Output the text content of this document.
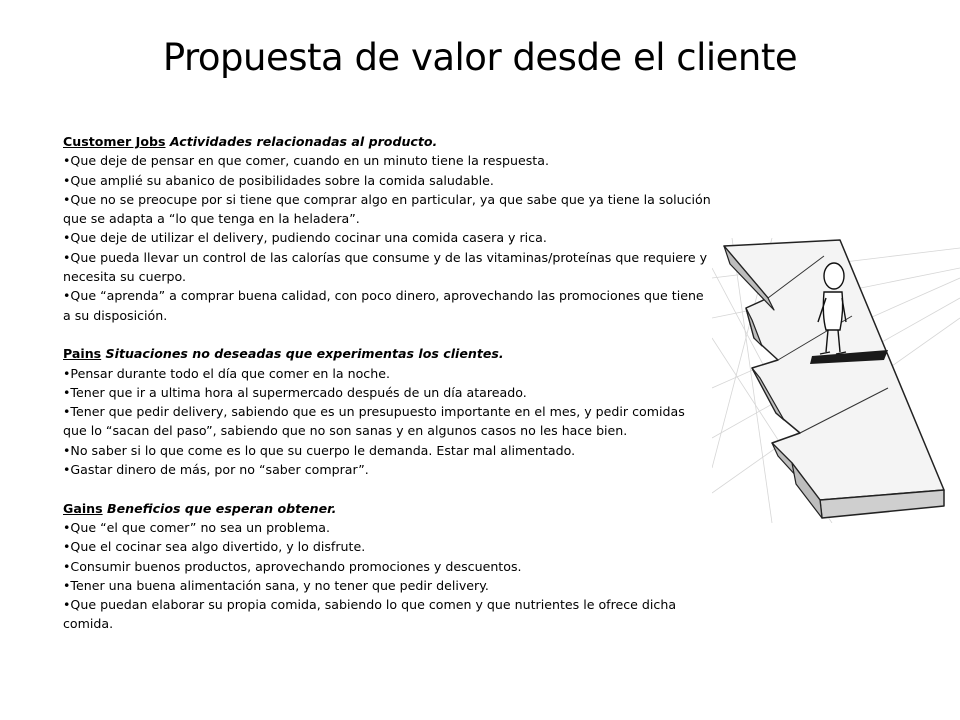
Propuesta de valor desde el cliente

Customer Jobs Actividades relacionadas al producto.

•Que deje de pensar en que comer, cuando en un minuto tiene la respuesta.

•Que amplié su abanico de posibilidades sobre la comida saludable.

•Que no se preocupe por si tiene que comprar algo en particular, ya que sabe que ya tiene la solución que se adapta a “lo que tenga en la heladera”.

•Que deje de utilizar el delivery, pudiendo cocinar una comida casera y rica.

•Que pueda llevar un control de las calorías que consume y de las vitaminas/proteínas que requiere y necesita su cuerpo.

•Que “aprenda” a comprar buena calidad, con poco dinero, aprovechando las promociones que tiene a su disposición.

Pains Situaciones no deseadas que experimentas los clientes.

•Pensar durante todo el día que comer en la noche.

•Tener que ir a ultima hora al supermercado después de un día atareado.

•Tener que pedir delivery, sabiendo que es un presupuesto importante en el mes, y pedir comidas que lo “sacan del paso”, sabiendo que no son sanas y en algunos casos no les hace bien.

•No saber si lo que come es lo que su cuerpo le demanda. Estar mal alimentado.

•Gastar dinero de más, por no “saber comprar”.

Gains Beneficios que esperan obtener.

•Que “el que comer” no sea un problema.

•Que el cocinar sea algo divertido, y lo disfrute.

•Consumir buenos productos, aprovechando promociones y descuentos.

•Tener una buena alimentación sana, y no tener que pedir delivery.

•Que puedan elaborar su propia comida, sabiendo lo que comen y que nutrientes le ofrece dicha comida.
